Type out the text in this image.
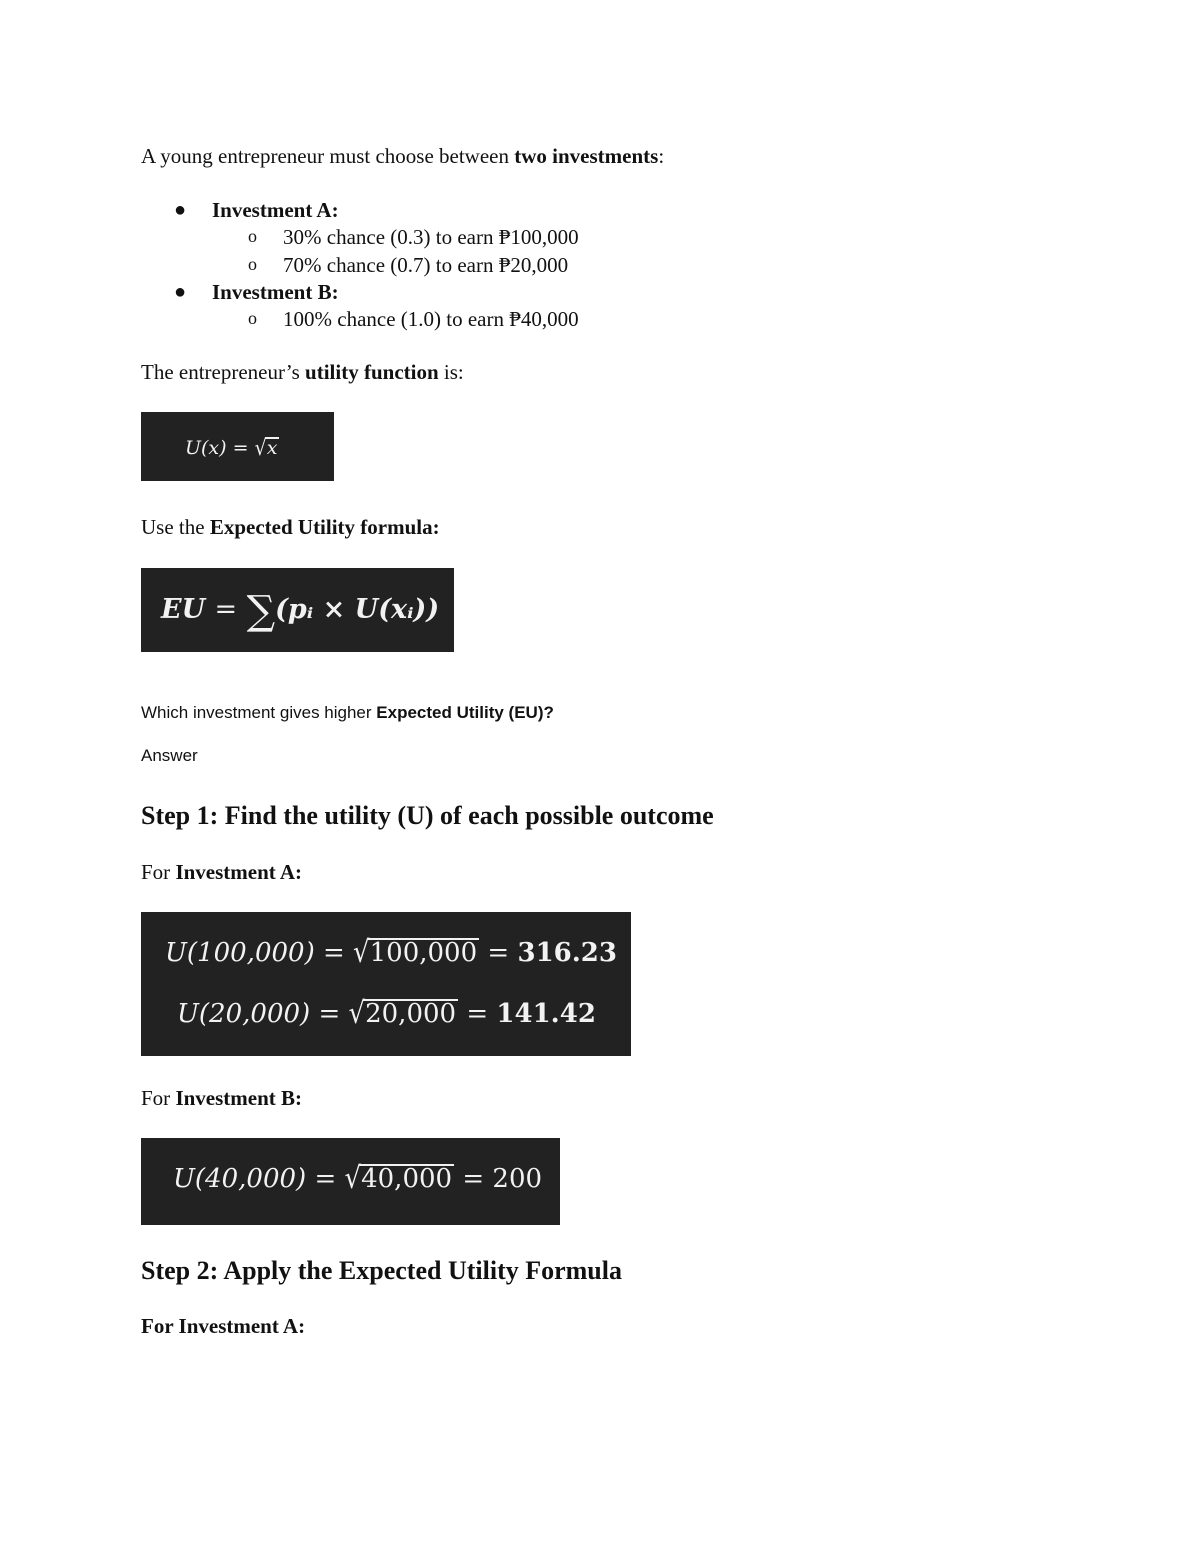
A young entrepreneur must choose between two investments:
● Investment A:
o 30% chance (0.3) to earn ₱100,000
o 70% chance (0.7) to earn ₱20,000
● Investment B:
o 100% chance (1.0) to earn ₱40,000
The entrepreneur’s utility function is:
U(x) = √x
Use the Expected Utility formula:
EU = ∑(pᵢ × U(xᵢ))
Which investment gives higher Expected Utility (EU)?
Answer
Step 1: Find the utility (U) of each possible outcome
For Investment A:
U(100,000) = √100,000 = 316.23
U(20,000) = √20,000 = 141.42
For Investment B:
U(40,000) = √40,000 = 200
Step 2: Apply the Expected Utility Formula
For Investment A:
